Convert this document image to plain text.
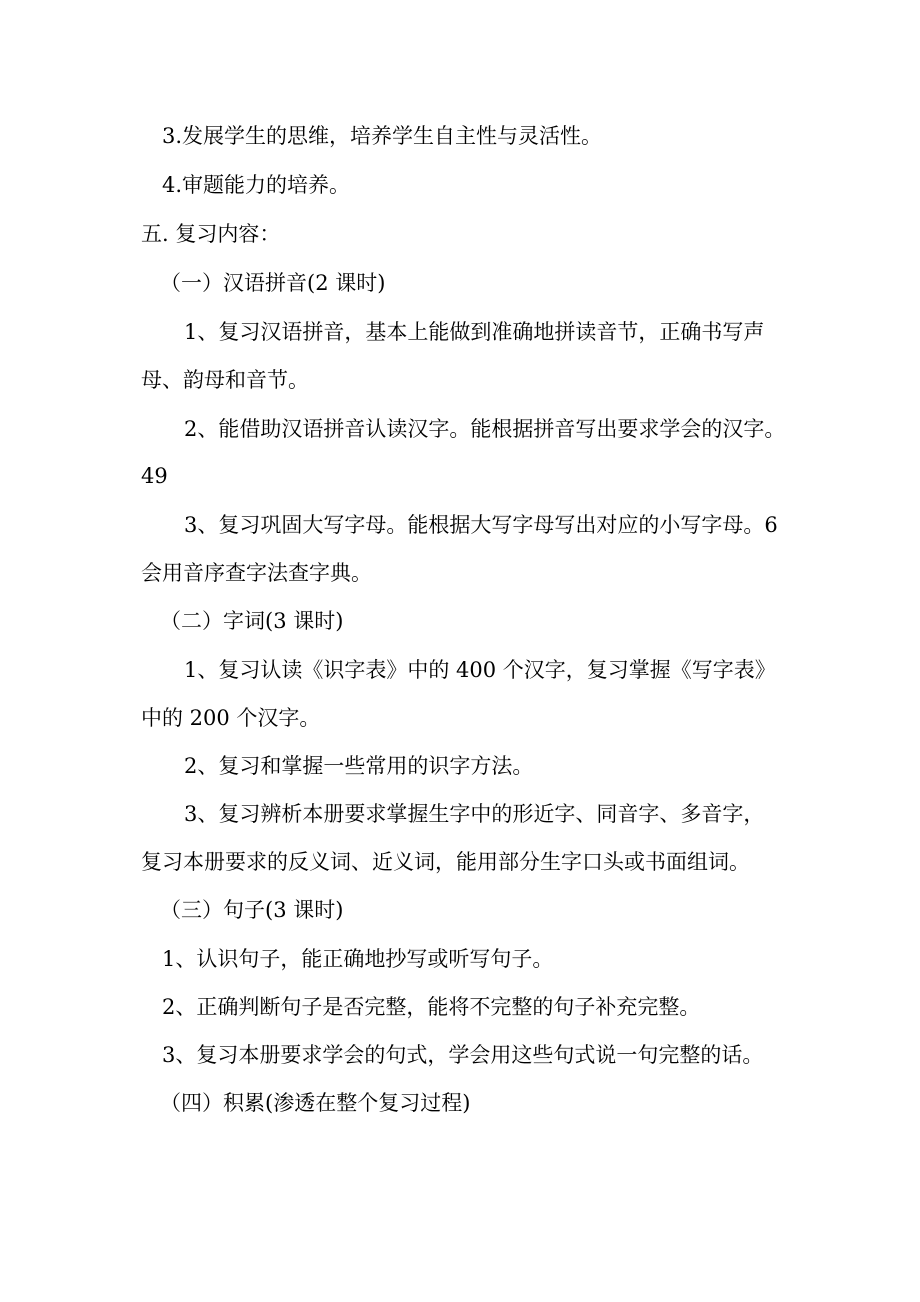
3.发展学生的思维，培养学生自主性与灵活性。
4.审题能力的培养。
五. 复习内容：
（一）汉语拼音(2 课时)
1、复习汉语拼音，基本上能做到准确地拼读音节，正确书写声
母、韵母和音节。
2、能借助汉语拼音认读汉字。能根据拼音写出要求学会的汉字。
49
3、复习巩固大写字母。能根据大写字母写出对应的小写字母。6
会用音序查字法查字典。
（二）字词(3 课时)
1、复习认读《识字表》中的 400 个汉字，复习掌握《写字表》
中的 200 个汉字。
2、复习和掌握一些常用的识字方法。
3、复习辨析本册要求掌握生字中的形近字、同音字、多音字，
复习本册要求的反义词、近义词，能用部分生字口头或书面组词。
（三）句子(3 课时)
1、认识句子，能正确地抄写或听写句子。
2、正确判断句子是否完整，能将不完整的句子补充完整。
3、复习本册要求学会的句式，学会用这些句式说一句完整的话。
（四）积累(渗透在整个复习过程)
